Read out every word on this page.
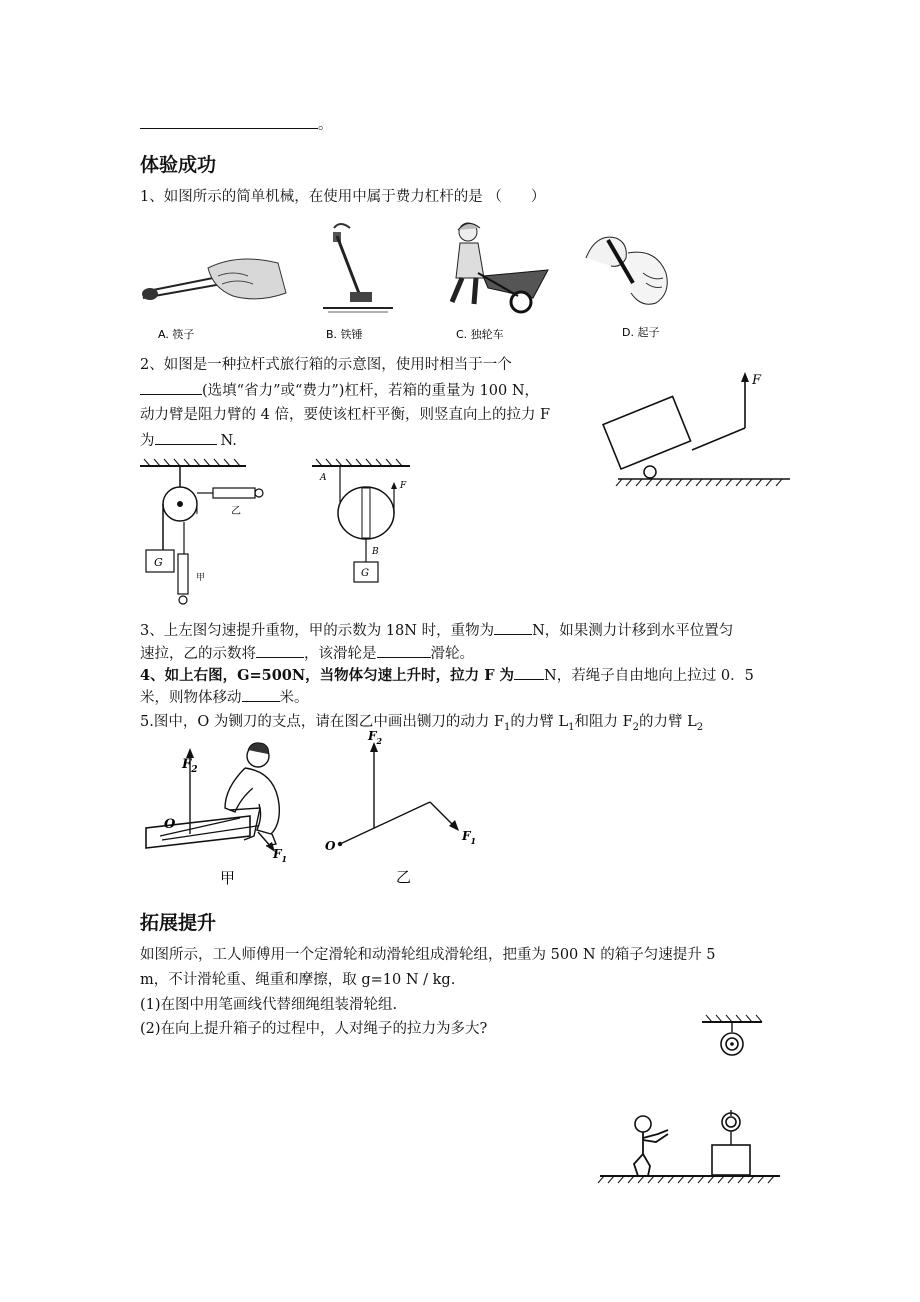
。
体验成功
1、如图所示的简单机械，在使用中属于费力杠杆的是 （　　）
A. 筷子	B. 铁锤	C. 独轮车	D. 起子
2、如图是一种拉杆式旅行箱的示意图，使用时相当于一个
(选填“省力”或“费力”)杠杆，若箱的重量为 100 N，
动力臂是阻力臂的 4 倍，要使该杠杆平衡，则竖直向上的拉力 F
为	N.
F
G
乙
甲
A
F
B
G
3、上左图匀速提升重物，甲的示数为 18N 时，重物为	N，如果测力计移到水平位置匀
速拉，乙的示数将	，该滑轮是	滑轮。
4、如上右图，G=500N，当物体匀速上升时，拉力 F 为 N，若绳子自由地向上拉过 0．5
米，则物体移动	米。
5.图中，O 为铡刀的支点，请在图乙中画出铡刀的动力 $F_1$的力臂 $L_1$和阻力 $F_2$的力臂 $L_2$
$F_2$
O
$F_1$
甲
$F_2$
O
$F_1$
乙
拓展提升
如图所示，工人师傅用一个定滑轮和动滑轮组成滑轮组，把重为 500 N 的箱子匀速提升 5
m，不计滑轮重、绳重和摩擦，取 g=10 N / kg.
(1)在图中用笔画线代替细绳组装滑轮组.
(2)在向上提升箱子的过程中，人对绳子的拉力为多大?
